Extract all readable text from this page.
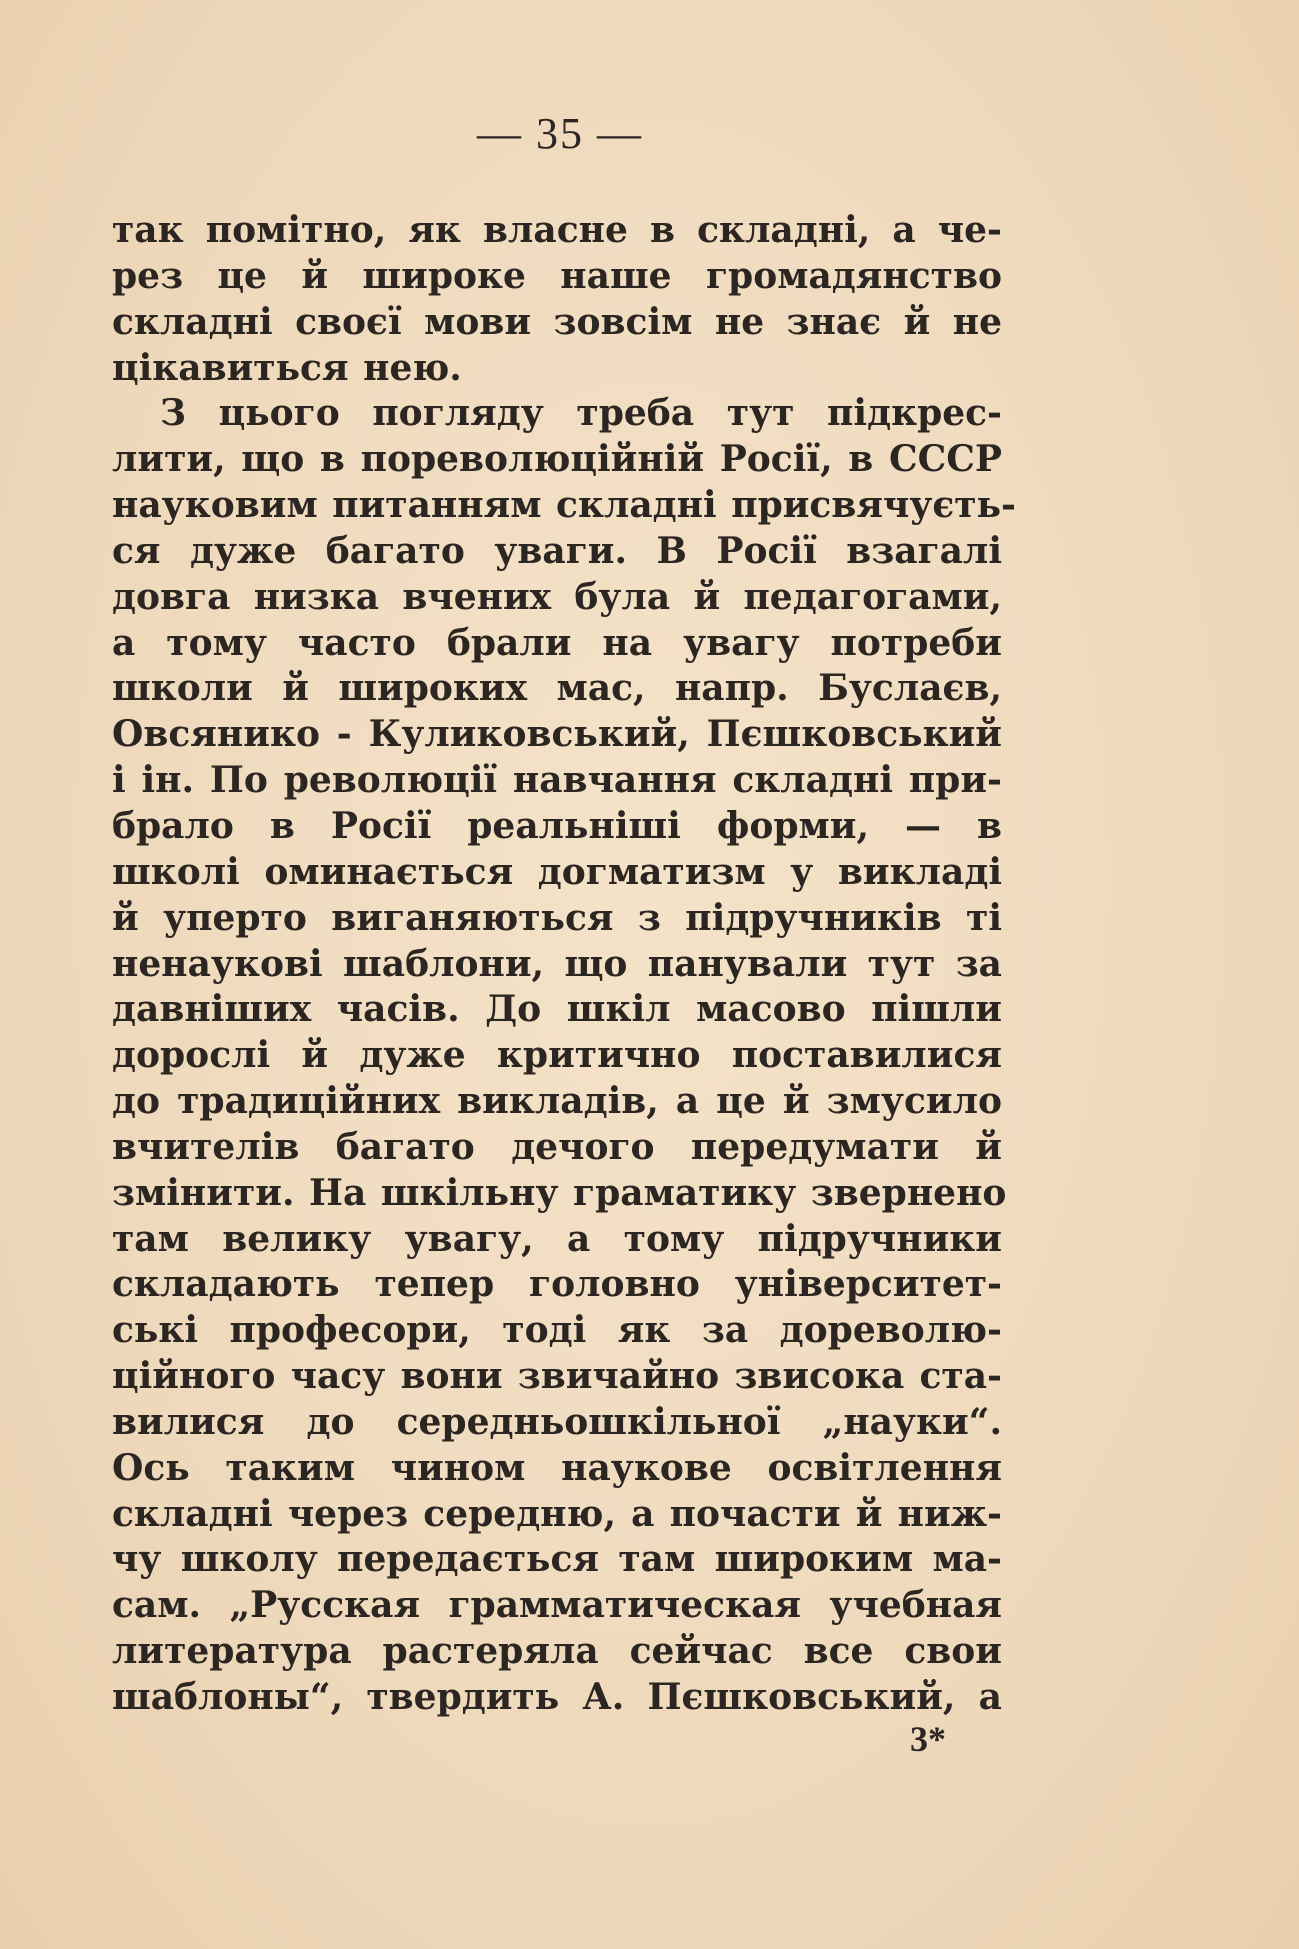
— 35 —
так помітно, як власне в складні, а че-
рез це й широке наше громадянство
складні своєї мови зовсім не знає й не
цікавиться нею.
З цього погляду треба тут підкрес-
лити, що в пореволюційній Росії, в СССР
науковим питанням складні присвячуєть-
ся дуже багато уваги. В Росії взагалі
довга низка вчених була й педагогами,
а тому часто брали на увагу потреби
школи й широких мас, напр. Буслаєв,
Овсянико - Куликовський, Пєшковський
і ін. По революції навчання складні при-
брало в Росії реальніші форми, — в
школі оминається догматизм у викладі
й уперто виганяються з підручників ті
ненаукові шаблони, що панували тут за
давніших часів. До шкіл масово пішли
дорослі й дуже критично поставилися
до традиційних викладів, а це й змусило
вчителів багато дечого передумати й
змінити. На шкільну граматику звернено
там велику увагу, а тому підручники
складають тепер головно університет-
ські професори, тоді як за дореволю-
ційного часу вони звичайно звисока ста-
вилися до середньошкільної „науки“.
Ось таким чином наукове освітлення
складні через середню, а почасти й ниж-
чу школу передається там широким ма-
сам. „Русская грамматическая учебная
литература растеряла сейчас все свои
шаблоны“, твердить А. Пєшковський, а
3*
